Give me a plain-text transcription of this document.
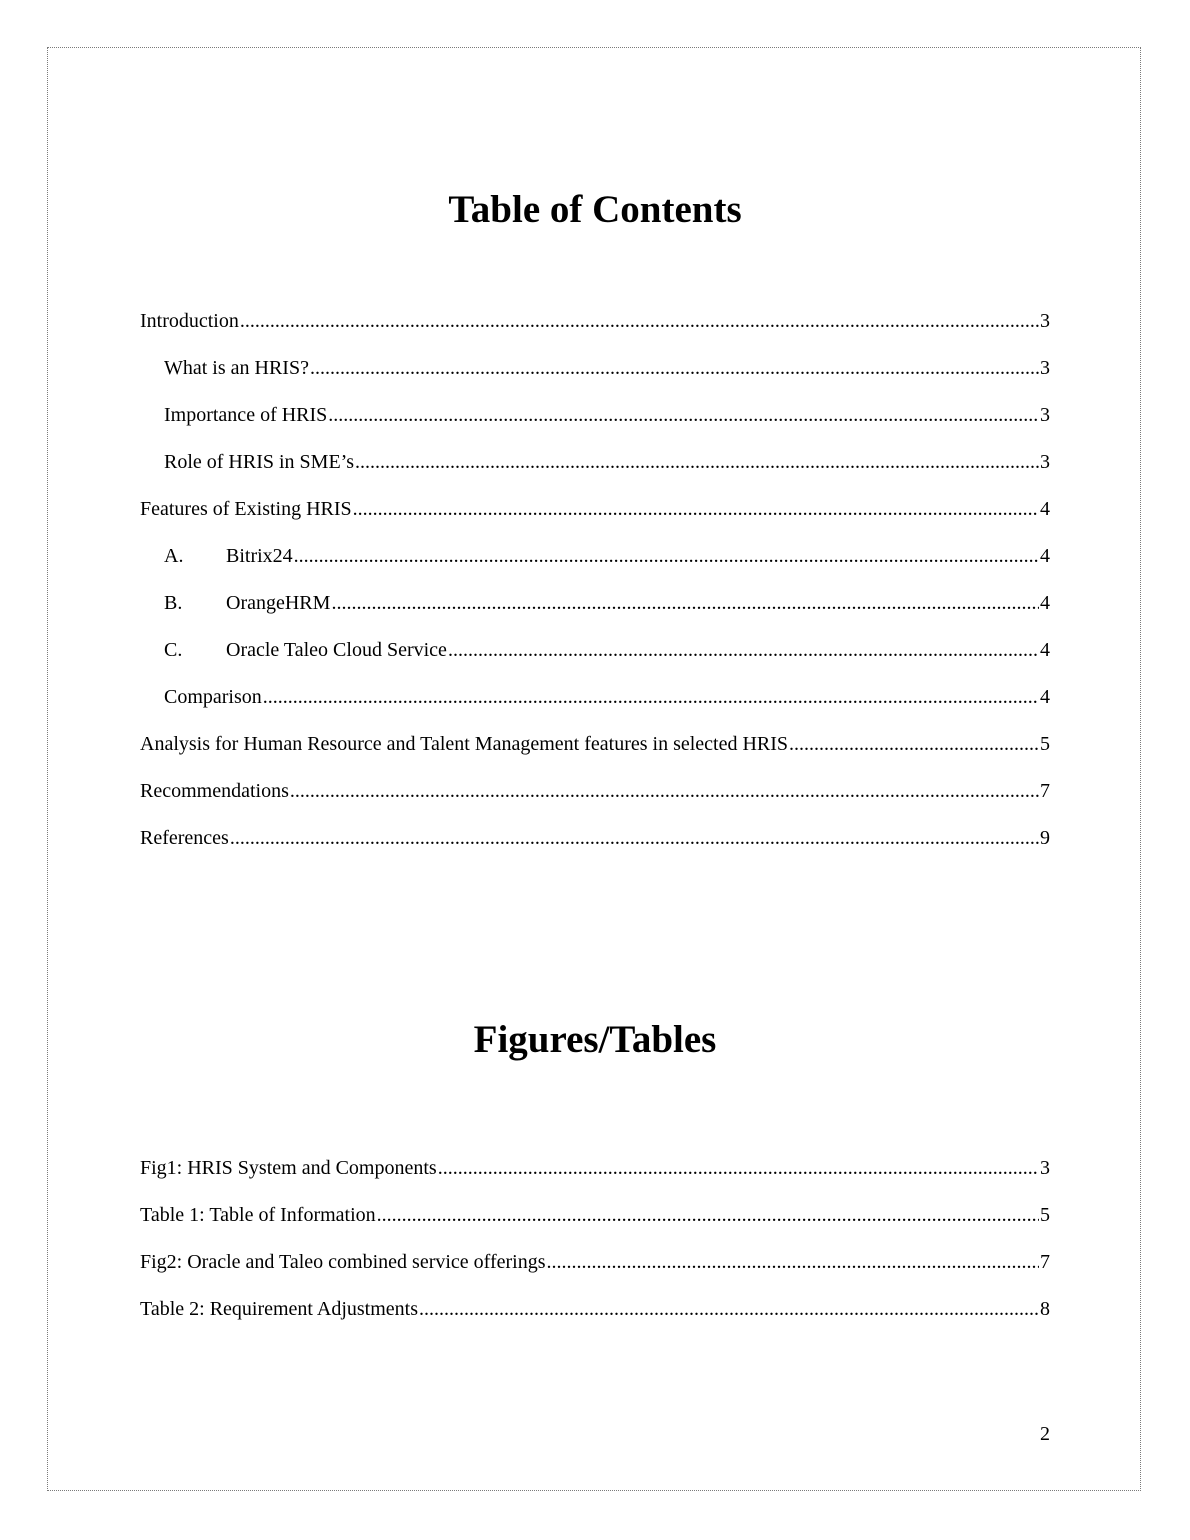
Table of Contents
Introduction .....	3
What is an HRIS? .....	3
Importance of HRIS .....	3
Role of HRIS in SME’s .....	3
Features of Existing HRIS .....	4
A.	Bitrix24 .....	4
B.	OrangeHRM .....	4
C.	Oracle Taleo Cloud Service .....	4
Comparison .....	4
Analysis for Human Resource and Talent Management features in selected HRIS .....	5
Recommendations .....	7
References .....	9
Figures/Tables
Fig1: HRIS System and Components .....	3
Table 1: Table of Information .....	5
Fig2: Oracle and Taleo combined service offerings .....	7
Table 2: Requirement Adjustments .....	8
2
